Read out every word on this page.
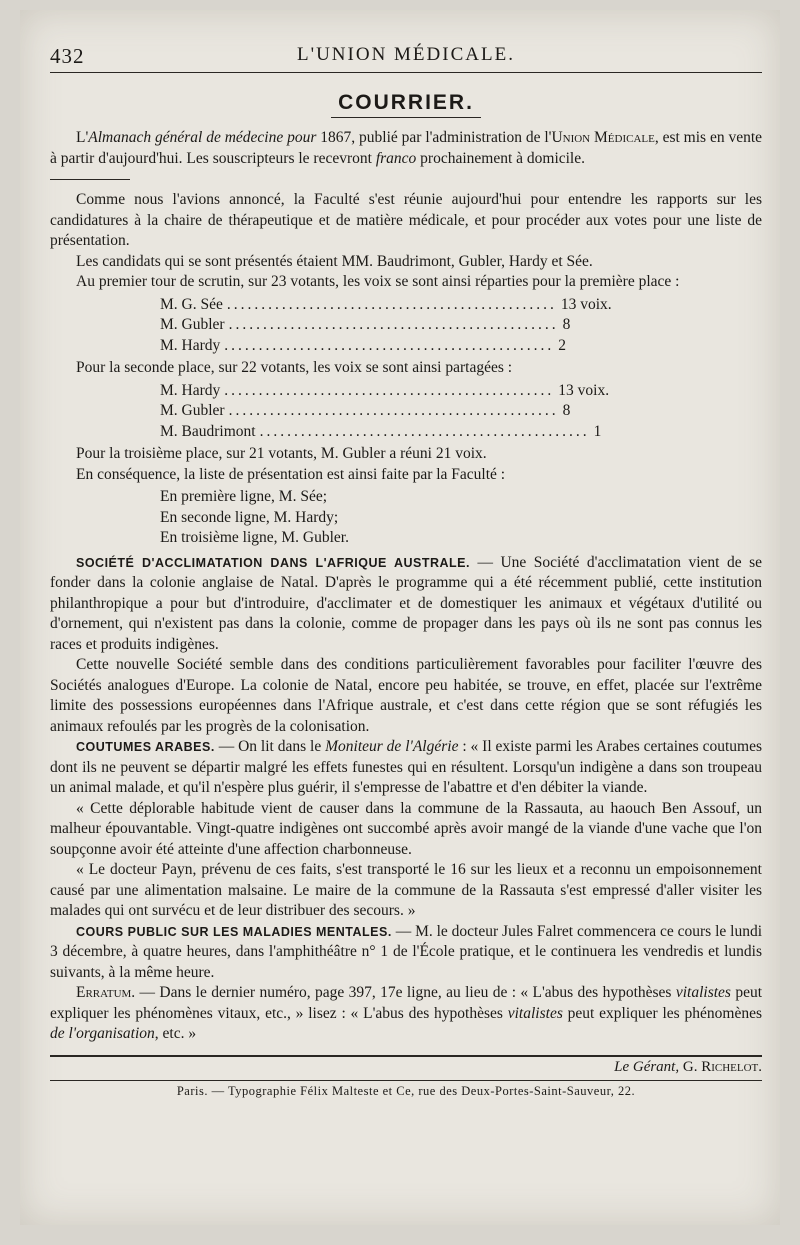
432	L'UNION MÉDICALE.
COURRIER.

L'Almanach général de médecine pour 1867, publié par l'administration de l'Union Médicale, est mis en vente à partir d'aujourd'hui. Les souscripteurs le recevront franco prochainement à domicile.

Comme nous l'avions annoncé, la Faculté s'est réunie aujourd'hui pour entendre les rapports sur les candidatures à la chaire de thérapeutique et de matière médicale, et pour procéder aux votes pour une liste de présentation.

Les candidats qui se sont présentés étaient MM. Baudrimont, Gubler, Hardy et Sée.

Au premier tour de scrutin, sur 23 votants, les voix se sont ainsi réparties pour la première place :

M. G. Sée ................................................ 13 voix.
M. Gubler ................................................ 8
M. Hardy ................................................ 2

Pour la seconde place, sur 22 votants, les voix se sont ainsi partagées :

M. Hardy ................................................ 13 voix.
M. Gubler ................................................ 8
M. Baudrimont ................................................ 1

Pour la troisième place, sur 21 votants, M. Gubler a réuni 21 voix.

En conséquence, la liste de présentation est ainsi faite par la Faculté :

En première ligne, M. Sée;
En seconde ligne, M. Hardy;
En troisième ligne, M. Gubler.

SOCIÉTÉ D'ACCLIMATATION DANS L'AFRIQUE AUSTRALE. — Une Société d'acclimatation vient de se fonder dans la colonie anglaise de Natal. D'après le programme qui a été récemment publié, cette institution philanthropique a pour but d'introduire, d'acclimater et de domestiquer les animaux et végétaux d'utilité ou d'ornement, qui n'existent pas dans la colonie, comme de propager dans les pays où ils ne sont pas connus les races et produits indigènes.

Cette nouvelle Société semble dans des conditions particulièrement favorables pour faciliter l'œuvre des Sociétés analogues d'Europe. La colonie de Natal, encore peu habitée, se trouve, en effet, placée sur l'extrême limite des possessions européennes dans l'Afrique australe, et c'est dans cette région que se sont réfugiés les animaux refoulés par les progrès de la colonisation.

COUTUMES ARABES. — On lit dans le Moniteur de l'Algérie : « Il existe parmi les Arabes certaines coutumes dont ils ne peuvent se départir malgré les effets funestes qui en résultent. Lorsqu'un indigène a dans son troupeau un animal malade, et qu'il n'espère plus guérir, il s'empresse de l'abattre et d'en débiter la viande.

« Cette déplorable habitude vient de causer dans la commune de la Rassauta, au haouch Ben Assouf, un malheur épouvantable. Vingt-quatre indigènes ont succombé après avoir mangé de la viande d'une vache que l'on soupçonne avoir été atteinte d'une affection charbonneuse.

« Le docteur Payn, prévenu de ces faits, s'est transporté le 16 sur les lieux et a reconnu un empoisonnement causé par une alimentation malsaine. Le maire de la commune de la Rassauta s'est empressé d'aller visiter les malades qui ont survécu et de leur distribuer des secours. »

COURS PUBLIC SUR LES MALADIES MENTALES. — M. le docteur Jules Falret commencera ce cours le lundi 3 décembre, à quatre heures, dans l'amphithéâtre n° 1 de l'École pratique, et le continuera les vendredis et lundis suivants, à la même heure.

Erratum. — Dans le dernier numéro, page 397, 17e ligne, au lieu de : « L'abus des hypothèses vitalistes peut expliquer les phénomènes vitaux, etc., » lisez : « L'abus des hypothèses vitalistes peut expliquer les phénomènes de l'organisation, etc. »

Le Gérant, G. Richelot.
Paris. — Typographie Félix Malteste et Ce, rue des Deux-Portes-Saint-Sauveur, 22.
